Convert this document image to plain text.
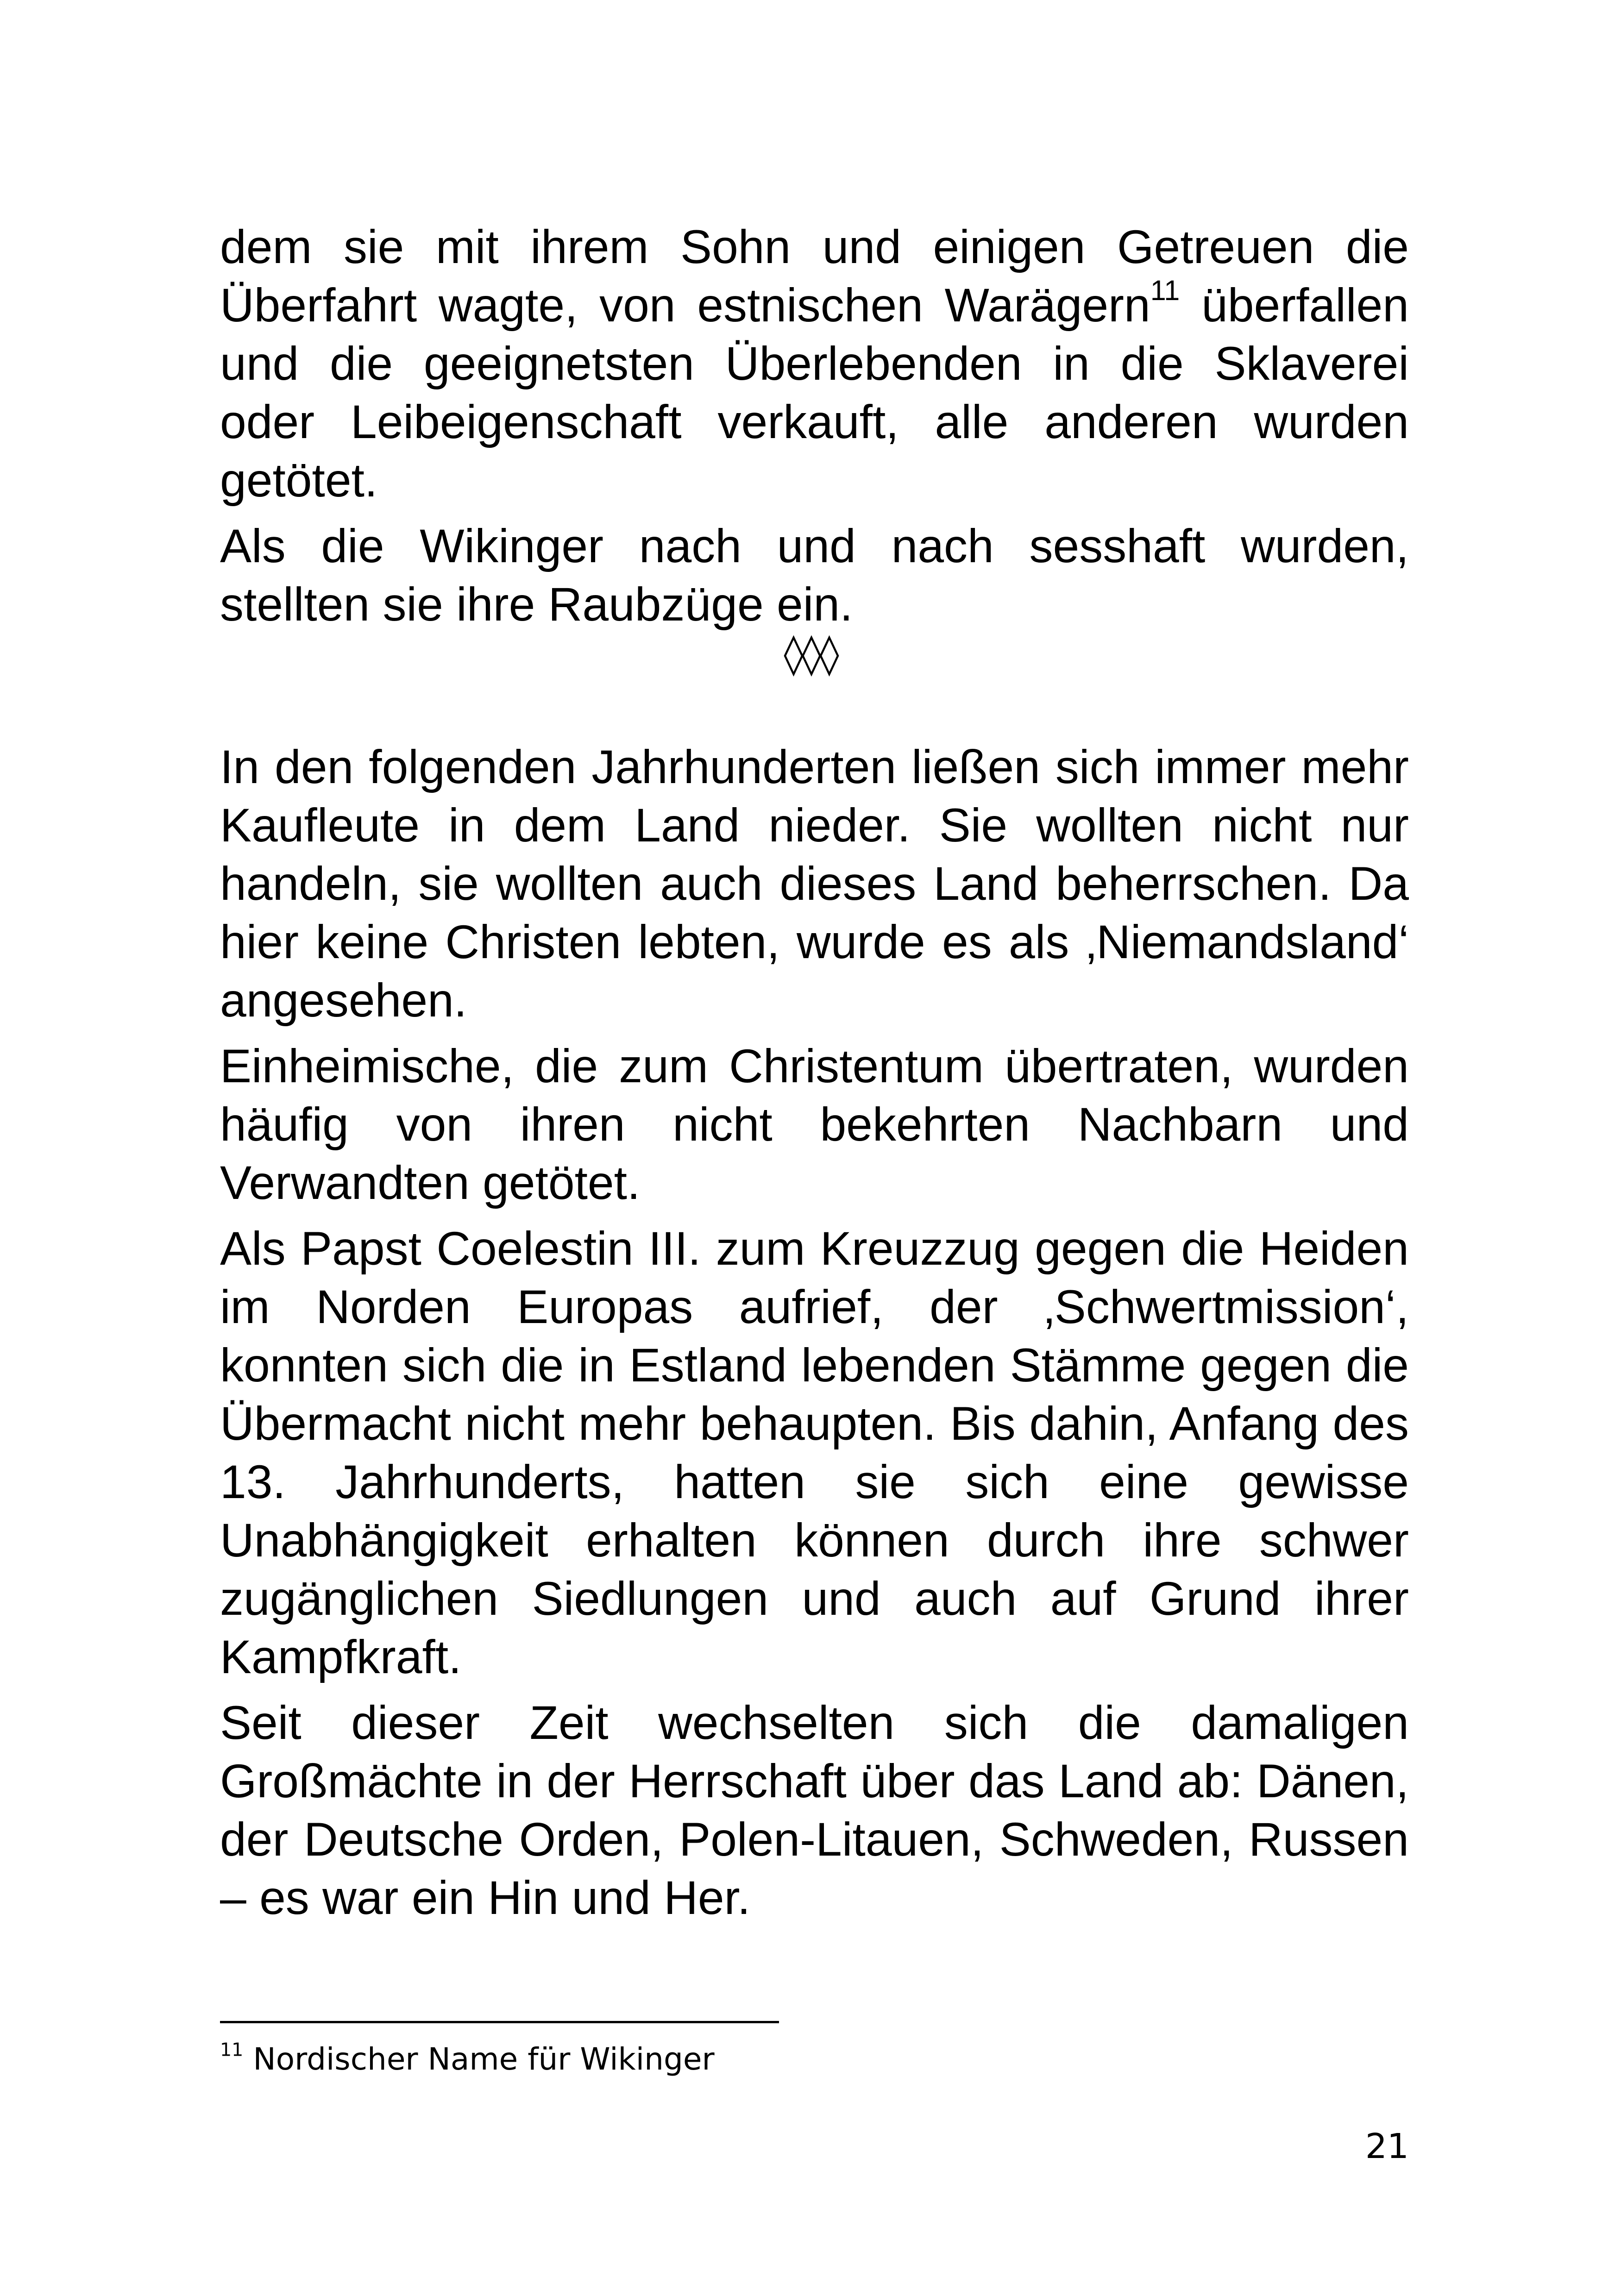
dem sie mit ihrem Sohn und einigen Getreuen die Überfahrt wagte, von estnischen Warägern$^{11}$ überfallen und die geeignetsten Überlebenden in die Sklaverei oder Leibeigenschaft verkauft, alle anderen wurden getötet.

Als die Wikinger nach und nach sesshaft wurden, stellten sie ihre Raubzüge ein.

◊◊◊

In den folgenden Jahrhunderten ließen sich immer mehr Kaufleute in dem Land nieder. Sie wollten nicht nur handeln, sie wollten auch dieses Land beherrschen. Da hier keine Christen lebten, wurde es als ‚Niemandsland‘ angesehen.

Einheimische, die zum Christentum übertraten, wurden häufig von ihren nicht bekehrten Nachbarn und Verwandten getötet.

Als Papst Coelestin III. zum Kreuzzug gegen die Heiden im Norden Europas aufrief, der ‚Schwertmission‘, konnten sich die in Estland lebenden Stämme gegen die Übermacht nicht mehr behaupten. Bis dahin, Anfang des 13. Jahrhunderts, hatten sie sich eine gewisse Unabhängigkeit erhalten können durch ihre schwer zugänglichen Siedlungen und auch auf Grund ihrer Kampfkraft.

Seit dieser Zeit wechselten sich die damaligen Großmächte in der Herrschaft über das Land ab: Dänen, der Deutsche Orden, Polen-Litauen, Schweden, Russen – es war ein Hin und Her.

$^{11}$ Nordischer Name für Wikinger
21
